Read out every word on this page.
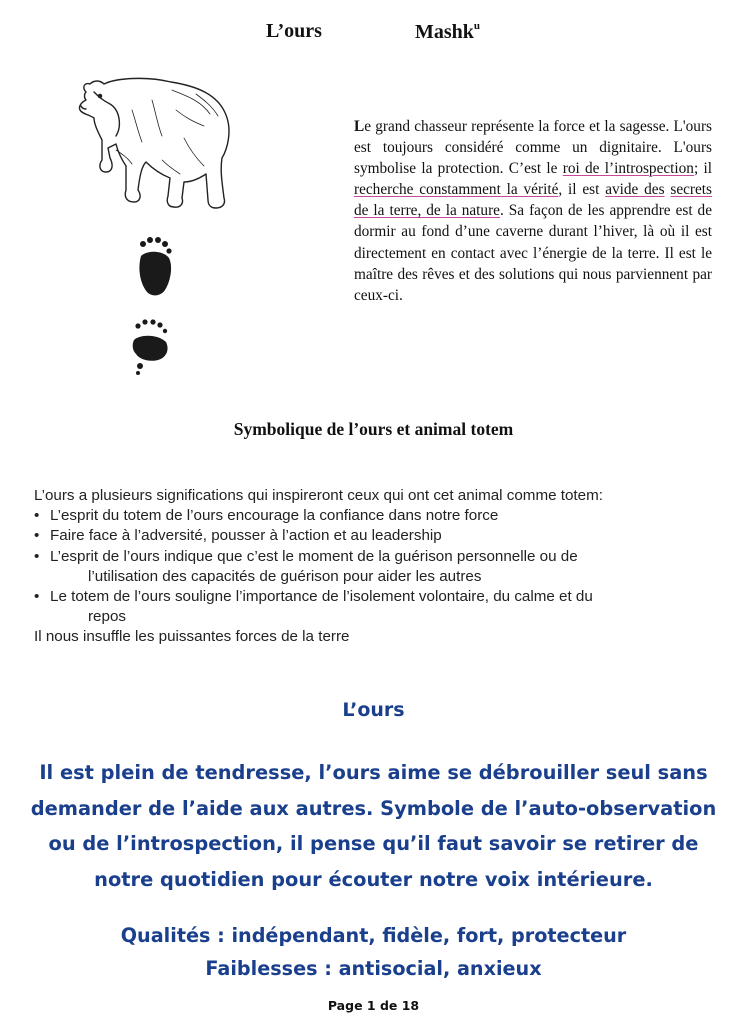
L’ours	Mashk$^u$
Le grand chasseur représente la force et la sagesse. L'ours est toujours considéré comme un dignitaire. L'ours symbolise la protection. C’est le roi de l’introspection; il recherche constamment la vérité, il est avide des secrets de la terre, de la nature. Sa façon de les apprendre est de dormir au fond d’une caverne durant l’hiver, là où il est directement en contact avec l’énergie de la terre. Il est le maître des rêves et des solutions qui nous parviennent par ceux-ci.
Symbolique de l’ours et animal totem
L’ours a plusieurs significations qui inspireront ceux qui ont cet animal comme totem:
• L’esprit du totem de l’ours encourage la confiance dans notre force
• Faire face à l’adversité, pousser à l’action et au leadership
• L’esprit de l’ours indique que c’est le moment de la guérison personnelle ou de
l’utilisation des capacités de guérison pour aider les autres
• Le totem de l’ours souligne l’importance de l’isolement volontaire, du calme et du
repos
Il nous insuffle les puissantes forces de la terre
L’ours
Il est plein de tendresse, l’ours aime se débrouiller seul sans demander de l’aide aux autres. Symbole de l’auto-observation ou de l’introspection, il pense qu’il faut savoir se retirer de notre quotidien pour écouter notre voix intérieure.
Qualités : indépendant, fidèle, fort, protecteur
Faiblesses : antisocial, anxieux
Page 1 de 18
